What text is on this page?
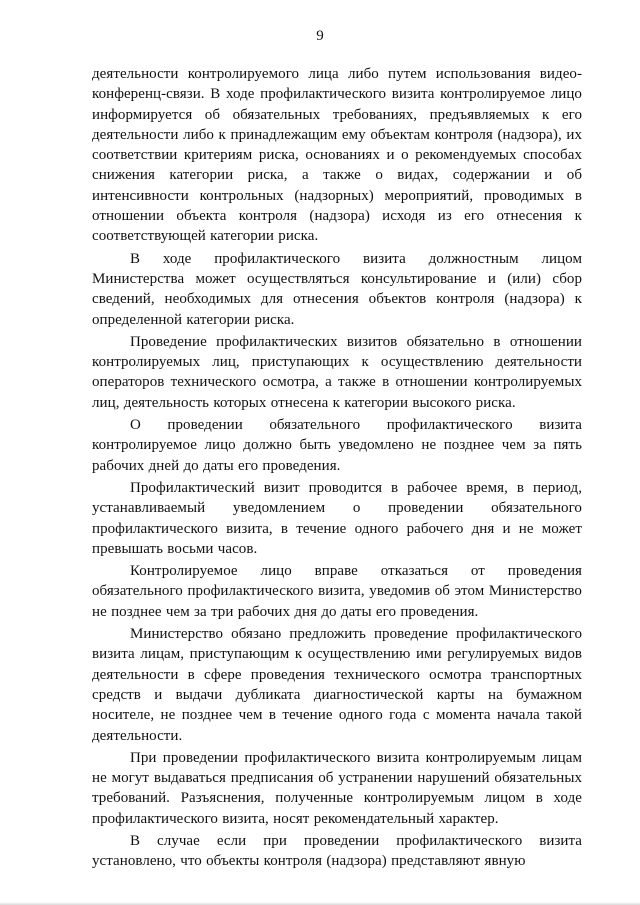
9

деятельности контролируемого лица либо путем использования видео-конференц-связи. В ходе профилактического визита контролируемое лицо информируется об обязательных требованиях, предъявляемых к его деятельности либо к принадлежащим ему объектам контроля (надзора), их соответствии критериям риска, основаниях и о рекомендуемых способах снижения категории риска, а также о видах, содержании и об интенсивности контрольных (надзорных) мероприятий, проводимых в отношении объекта контроля (надзора) исходя из его отнесения к соответствующей категории риска.

В ходе профилактического визита должностным лицом Министерства может осуществляться консультирование и (или) сбор сведений, необходимых для отнесения объектов контроля (надзора) к определенной категории риска.

Проведение профилактических визитов обязательно в отношении контролируемых лиц, приступающих к осуществлению деятельности операторов технического осмотра, а также в отношении контролируемых лиц, деятельность которых отнесена к категории высокого риска.

О проведении обязательного профилактического визита контролируемое лицо должно быть уведомлено не позднее чем за пять рабочих дней до даты его проведения.

Профилактический визит проводится в рабочее время, в период, устанавливаемый уведомлением о проведении обязательного профилактического визита, в течение одного рабочего дня и не может превышать восьми часов.

Контролируемое лицо вправе отказаться от проведения обязательного профилактического визита, уведомив об этом Министерство не позднее чем за три рабочих дня до даты его проведения.

Министерство обязано предложить проведение профилактического визита лицам, приступающим к осуществлению ими регулируемых видов деятельности в сфере проведения технического осмотра транспортных средств и выдачи дубликата диагностической карты на бумажном носителе, не позднее чем в течение одного года с момента начала такой деятельности.

При проведении профилактического визита контролируемым лицам не могут выдаваться предписания об устранении нарушений обязательных требований. Разъяснения, полученные контролируемым лицом в ходе профилактического визита, носят рекомендательный характер.

В случае если при проведении профилактического визита установлено, что объекты контроля (надзора) представляют явную
